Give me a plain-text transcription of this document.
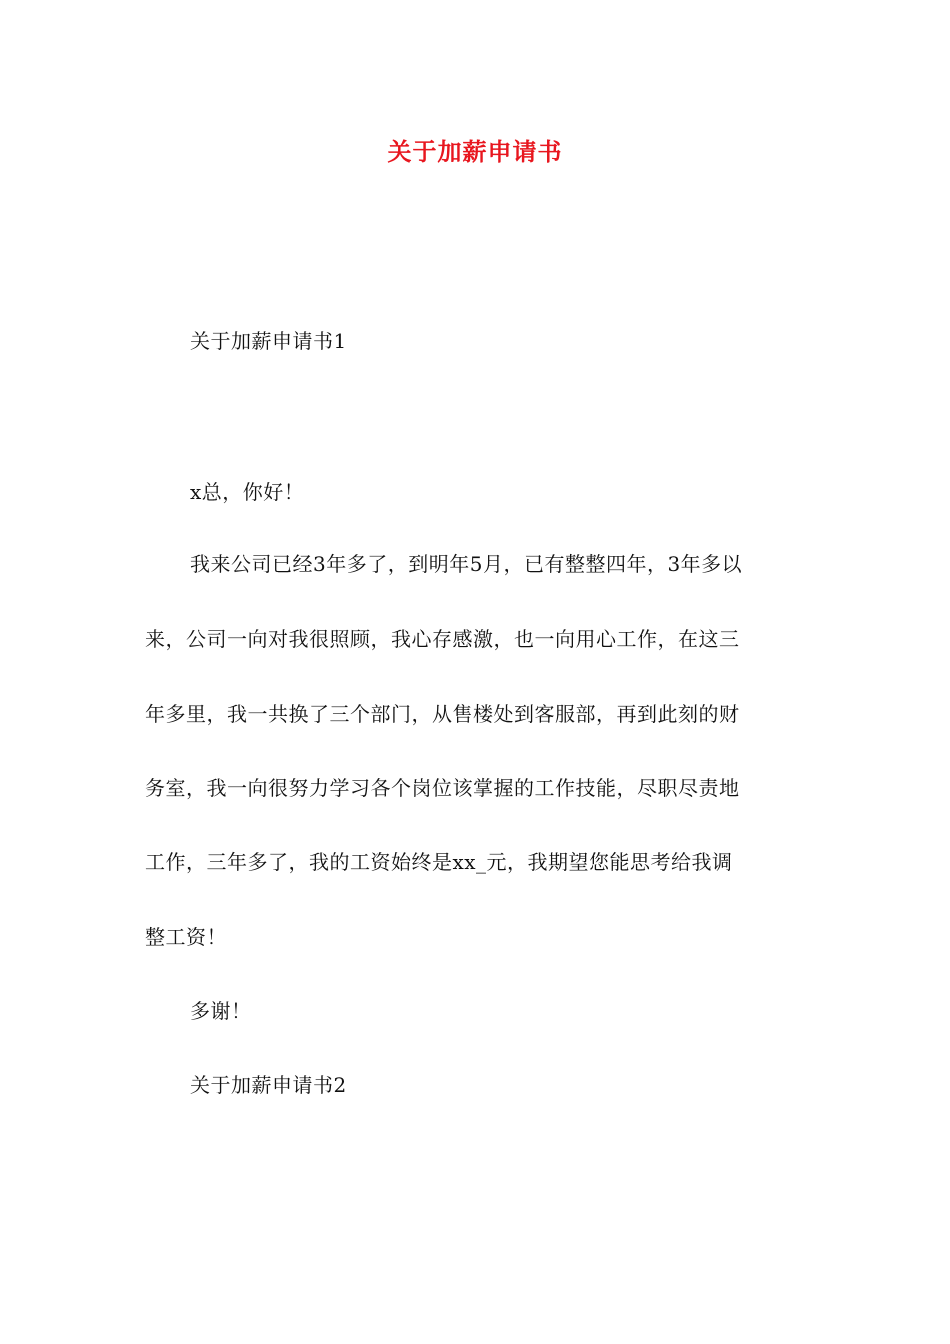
关于加薪申请书
关于加薪申请书1
x总，你好！
我来公司已经3年多了，到明年5月，已有整整四年，3年多以
来，公司一向对我很照顾，我心存感激，也一向用心工作，在这三
年多里，我一共换了三个部门，从售楼处到客服部，再到此刻的财
务室，我一向很努力学习各个岗位该掌握的工作技能，尽职尽责地
工作，三年多了，我的工资始终是xx_元，我期望您能思考给我调
整工资！
多谢！
关于加薪申请书2
